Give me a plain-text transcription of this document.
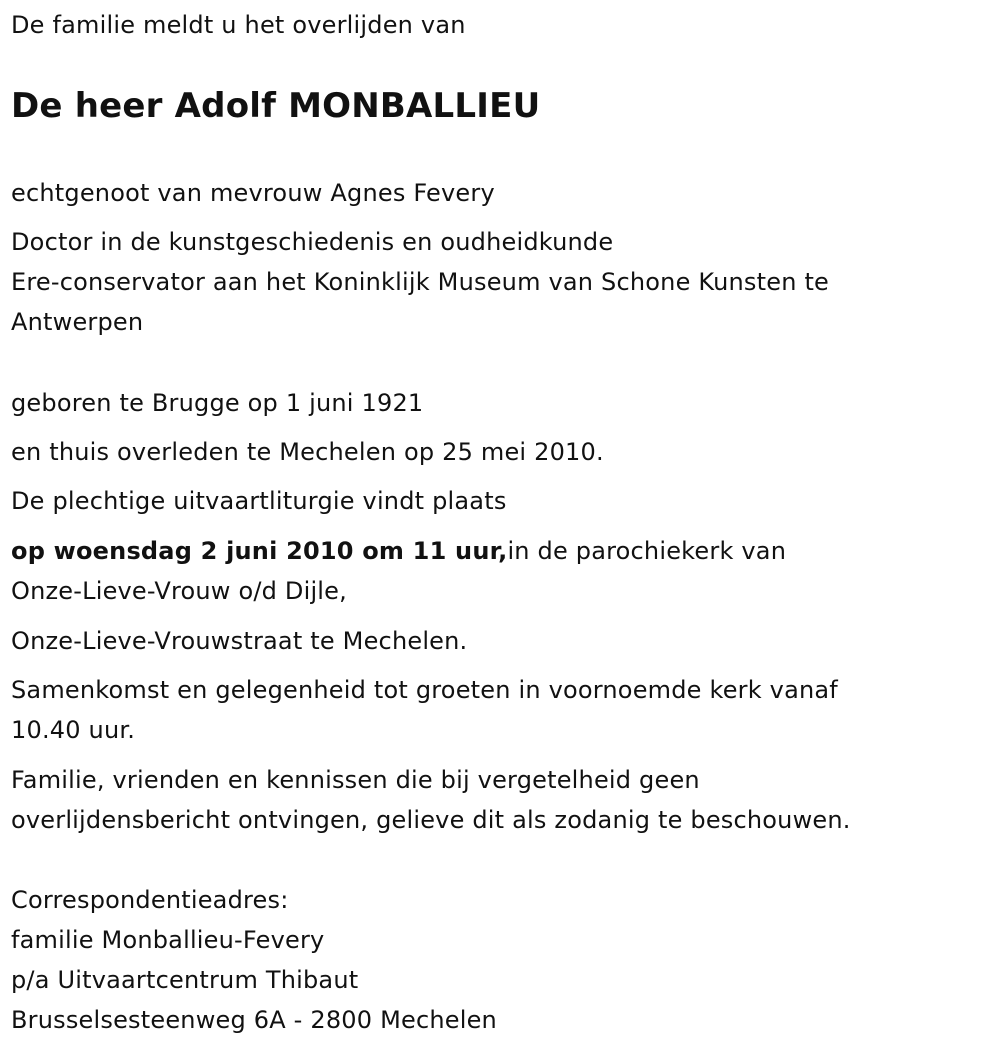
De familie meldt u het overlijden van
De heer Adolf MONBALLIEU
echtgenoot van mevrouw Agnes Fevery
Doctor in de kunstgeschiedenis en oudheidkunde
Ere-conservator aan het Koninklijk Museum van Schone Kunsten te
Antwerpen
geboren te Brugge op 1 juni 1921
en thuis overleden te Mechelen op 25 mei 2010.
De plechtige uitvaartliturgie vindt plaats
op woensdag 2 juni 2010 om 11 uur,in de parochiekerk van
Onze-Lieve-Vrouw o/d Dijle,
Onze-Lieve-Vrouwstraat te Mechelen.
Samenkomst en gelegenheid tot groeten in voornoemde kerk vanaf
10.40 uur.
Familie, vrienden en kennissen die bij vergetelheid geen
overlijdensbericht ontvingen, gelieve dit als zodanig te beschouwen.
Correspondentieadres:
familie Monballieu-Fevery
p/a Uitvaartcentrum Thibaut
Brusselsesteenweg 6A - 2800 Mechelen
